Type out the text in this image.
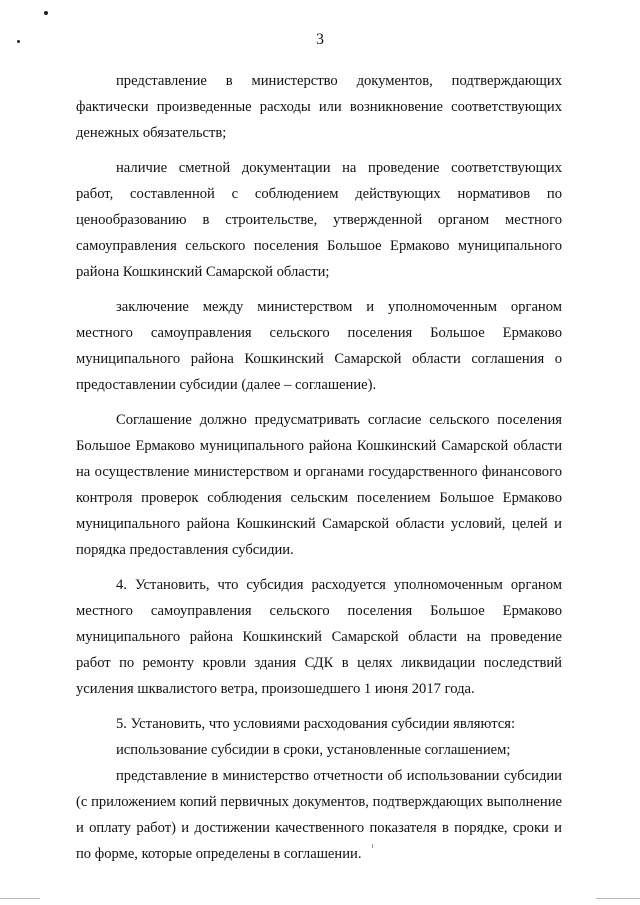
3

представление в министерство документов, подтверждающих фактически произведенные расходы или возникновение соответствующих денежных обязательств;

наличие сметной документации на проведение соответствующих работ, составленной с соблюдением действующих нормативов по ценообразованию в строительстве, утвержденной органом местного самоуправления сельского поселения Большое Ермаково муниципального района Кошкинский Самарской области;

заключение между министерством и уполномоченным органом местного самоуправления сельского поселения Большое Ермаково муниципального района Кошкинский Самарской области соглашения о предоставлении субсидии (далее – соглашение).

Соглашение должно предусматривать согласие сельского поселения Большое Ермаково муниципального района Кошкинский Самарской области на осуществление министерством и органами государственного финансового контроля проверок соблюдения сельским поселением Большое Ермаково муниципального района Кошкинский Самарской области условий, целей и порядка предоставления субсидии.

4. Установить, что субсидия расходуется уполномоченным органом местного самоуправления сельского поселения Большое Ермаково муниципального района Кошкинский Самарской области на проведение работ по ремонту кровли здания СДК в целях ликвидации последствий усиления шквалистого ветра, произошедшего 1 июня 2017 года.

5. Установить, что условиями расходования субсидии являются:

использование субсидии в сроки, установленные соглашением;

представление в министерство отчетности об использовании субсидии (с приложением копий первичных документов, подтверждающих выполнение и оплату работ) и достижении качественного показателя в порядке, сроки и по форме, которые определены в соглашении.
